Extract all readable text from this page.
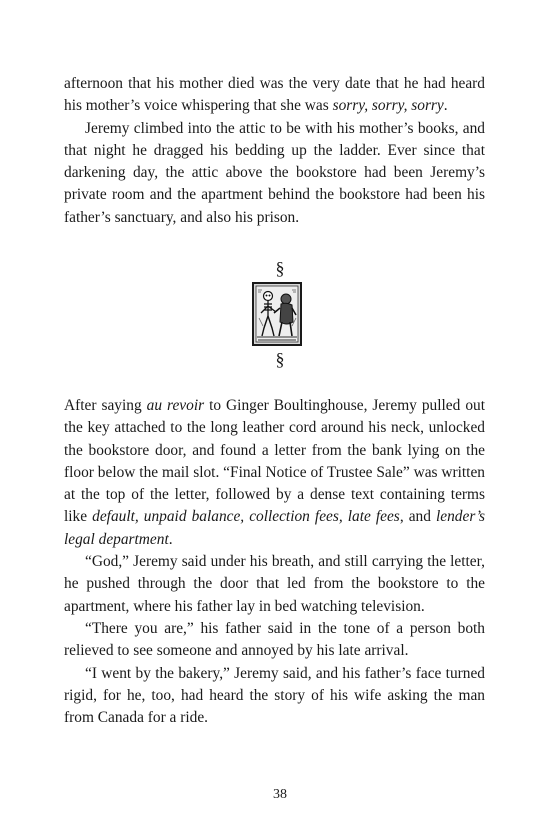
afternoon that his mother died was the very date that he had heard his mother’s voice whispering that she was sorry, sorry, sorry.

Jeremy climbed into the attic to be with his mother’s books, and that night he dragged his bedding up the ladder. Ever since that darkening day, the attic above the bookstore had been Jeremy’s private room and the apartment behind the bookstore had been his father’s sanctuary, and also his prison.

§
§

After saying au revoir to Ginger Boultinghouse, Jeremy pulled out the key attached to the long leather cord around his neck, unlocked the bookstore door, and found a letter from the bank lying on the floor below the mail slot. “Final Notice of Trustee Sale” was written at the top of the letter, followed by a dense text containing terms like default, unpaid balance, collection fees, late fees, and lender’s legal department.

“God,” Jeremy said under his breath, and still carrying the letter, he pushed through the door that led from the bookstore to the apartment, where his father lay in bed watching television.

“There you are,” his father said in the tone of a person both relieved to see someone and annoyed by his late arrival.

“I went by the bakery,” Jeremy said, and his father’s face turned rigid, for he, too, had heard the story of his wife asking the man from Canada for a ride.

38
